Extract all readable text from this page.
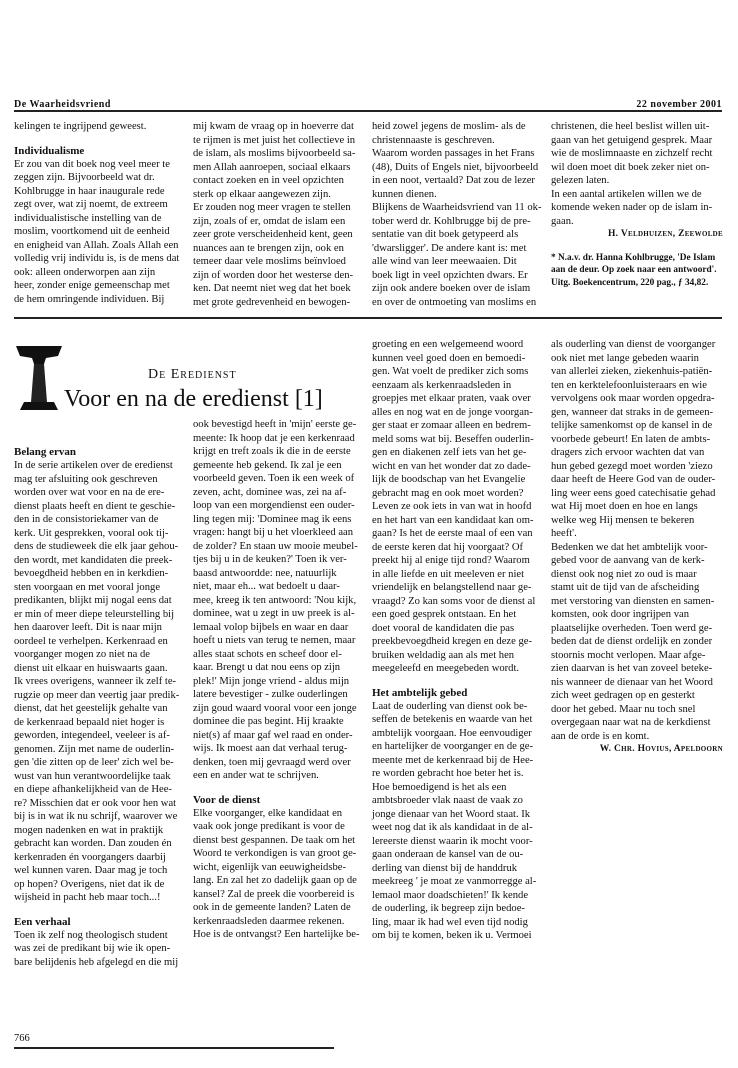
De Waarheidsvriend	22 november 2001

kelingen te ingrijpend geweest.

Individualisme

Er zou van dit boek nog veel meer te

zeggen zijn. Bijvoorbeeld wat dr.

Kohlbrugge in haar inaugurale rede

zegt over, wat zij noemt, de extreem

individualistische instelling van de

moslim, voortkomend uit de eenheid

en enigheid van Allah. Zoals Allah een

volledig vrij individu is, is de mens dat

ook: alleen onderworpen aan zijn

heer, zonder enige gemeenschap met

de hem omringende individuen. Bij

mij kwam de vraag op in hoeverre dat

te rijmen is met juist het collectieve in

de islam, als moslims bijvoorbeeld sa-

men Allah aanroepen, sociaal elkaars

contact zoeken en in veel opzichten

sterk op elkaar aangewezen zijn.

Er zouden nog meer vragen te stellen

zijn, zoals of er, omdat de islam een

zeer grote verscheidenheid kent, geen

nuances aan te brengen zijn, ook en

temeer daar vele moslims beïnvloed

zijn of worden door het westerse den-

ken. Dat neemt niet weg dat het boek

met grote gedrevenheid en bewogen-

heid zowel jegens de moslim- als de

christennaaste is geschreven.

Waarom worden passages in het Frans

(48), Duits of Engels niet, bijvoorbeeld

in een noot, vertaald? Dat zou de lezer

kunnen dienen.

Blijkens de Waarheidsvriend van 11 ok-

tober werd dr. Kohlbrugge bij de pre-

sentatie van dit boek getypeerd als

'dwarsligger'. De andere kant is: met

alle wind van leer meewaaien. Dit

boek ligt in veel opzichten dwars. Er

zijn ook andere boeken over de islam

en over de ontmoeting van moslims en

christenen, die heel beslist willen uit-

gaan van het getuigend gesprek. Maar

wie de moslimnaaste en zichzelf recht

wil doen moet dit boek zeker niet on-

gelezen laten.

In een aantal artikelen willen we de

komende weken nader op de islam in-

gaan.

H. Veldhuizen, Zeewolde

* N.a.v. dr. Hanna Kohlbrugge, 'De Islam

aan de deur. Op zoek naar een antwoord'.

Uitg. Boekencentrum, 220 pag., ƒ 34,82.

De Eredienst
Voor en na de eredienst [1]
Belang ervan

In de serie artikelen over de eredienst

mag ter afsluiting ook geschreven

worden over wat voor en na de ere-

dienst plaats heeft en dient te geschie-

den in de consistoriekamer van de

kerk. Uit gesprekken, vooral ook tij-

dens de studieweek die elk jaar gehou-

den wordt, met kandidaten die preek-

bevoegdheid hebben en in kerkdien-

sten voorgaan en met vooral jonge

predikanten, blijkt mij nogal eens dat

er min of meer diepe teleurstelling bij

hen daarover leeft. Dit is naar mijn

oordeel te verhelpen. Kerkenraad en

voorganger mogen zo niet na de

dienst uit elkaar en huiswaarts gaan.

Ik vrees overigens, wanneer ik zelf te-

rugzie op meer dan veertig jaar predik-

dienst, dat het geestelijk gehalte van

de kerkenraad bepaald niet hoger is

geworden, integendeel, veeleer is af-

genomen. Zijn met name de ouderlin-

gen 'die zitten op de leer' zich wel be-

wust van hun verantwoordelijke taak

en diepe afhankelijkheid van de Hee-

re? Misschien dat er ook voor hen wat

bij is in wat ik nu schrijf, waarover we

mogen nadenken en wat in praktijk

gebracht kan worden. Dan zouden én

kerkenraden én voorgangers daarbij

wel kunnen varen. Daar mag je toch

op hopen? Overigens, niet dat ik de

wijsheid in pacht heb maar toch...!

Een verhaal

Toen ik zelf nog theologisch student

was zei de predikant bij wie ik open-

bare belijdenis heb afgelegd en die mij

ook bevestigd heeft in 'mijn' eerste ge-

meente: Ik hoop dat je een kerkenraad

krijgt en treft zoals ik die in de eerste

gemeente heb gekend. Ik zal je een

voorbeeld geven. Toen ik een week of

zeven, acht, dominee was, zei na af-

loop van een morgendienst een ouder-

ling tegen mij: 'Dominee mag ik eens

vragen: hangt bij u het vloerkleed aan

de zolder? En staan uw mooie meubel-

tjes bij u in de keuken?' Toen ik ver-

baasd antwoordde: nee, natuurlijk

niet, maar eh... wat bedoelt u daar-

mee, kreeg ik ten antwoord: 'Nou kijk,

dominee, wat u zegt in uw preek is al-

lemaal volop bijbels en waar en daar

hoeft u niets van terug te nemen, maar

alles staat schots en scheef door el-

kaar. Brengt u dat nou eens op zijn

plek!' Mijn jonge vriend - aldus mijn

latere bevestiger - zulke ouderlingen

zijn goud waard vooral voor een jonge

dominee die pas begint. Hij kraakte

niet(s) af maar gaf wel raad en onder-

wijs. Ik moest aan dat verhaal terug-

denken, toen mij gevraagd werd over

een en ander wat te schrijven.

Voor de dienst

Elke voorganger, elke kandidaat en

vaak ook jonge predikant is voor de

dienst best gespannen. De taak om het

Woord te verkondigen is van groot ge-

wicht, eigenlijk van eeuwigheidsbe-

lang. En zal het zo dadelijk gaan op de

kansel? Zal de preek die voorbereid is

ook in de gemeente landen? Laten de

kerkenraadsleden daarmee rekenen.

Hoe is de ontvangst? Een hartelijke be-

groeting en een welgemeend woord

kunnen veel goed doen en bemoedi-

gen. Wat voelt de prediker zich soms

eenzaam als kerkenraadsleden in

groepjes met elkaar praten, vaak over

alles en nog wat en de jonge voorgan-

ger staat er zomaar alleen en bedrem-

meld soms wat bij. Beseffen ouderlin-

gen en diakenen zelf iets van het ge-

wicht en van het wonder dat zo dade-

lijk de boodschap van het Evangelie

gebracht mag en ook moet worden?

Leven ze ook iets in van wat in hoofd

en het hart van een kandidaat kan om-

gaan? Is het de eerste maal of een van

de eerste keren dat hij voorgaat? Of

preekt hij al enige tijd rond? Waarom

in alle liefde en uit meeleven er niet

vriendelijk en belangstellend naar ge-

vraagd? Zo kan soms voor de dienst al

een goed gesprek ontstaan. En het

doet vooral de kandidaten die pas

preekbevoegdheid kregen en deze ge-

bruiken weldadig aan als met hen

meegeleefd en meegebeden wordt.

Het ambtelijk gebed

Laat de ouderling van dienst ook be-

seffen de betekenis en waarde van het

ambtelijk voorgaan. Hoe eenvoudiger

en hartelijker de voorganger en de ge-

meente met de kerkenraad bij de Hee-

re worden gebracht hoe beter het is.

Hoe bemoedigend is het als een

ambtsbroeder vlak naast de vaak zo

jonge dienaar van het Woord staat. Ik

weet nog dat ik als kandidaat in de al-

lereerste dienst waarin ik mocht voor-

gaan onderaan de kansel van de ou-

derling van dienst bij de handdruk

meekreeg ' je moat ze vanmorregge al-

lemaol maor doadschieten!' Ik kende

de ouderling, ik begreep zijn bedoe-

ling, maar ik had wel even tijd nodig

om bij te komen, beken ik u. Vermoei

als ouderling van dienst de voorganger

ook niet met lange gebeden waarin

van allerlei zieken, ziekenhuis-patiën-

ten en kerktelefoonluisteraars en wie

vervolgens ook maar worden opgedra-

gen, wanneer dat straks in de gemeen-

telijke samenkomst op de kansel in de

voorbede gebeurt! En laten de ambts-

dragers zich ervoor wachten dat van

hun gebed gezegd moet worden 'ziezo

daar heeft de Heere God van de ouder-

ling weer eens goed catechisatie gehad

wat Hij moet doen en hoe en langs

welke weg Hij mensen te bekeren

heeft'.

Bedenken we dat het ambtelijk voor-

gebed voor de aanvang van de kerk-

dienst ook nog niet zo oud is maar

stamt uit de tijd van de afscheiding

met verstoring van diensten en samen-

komsten, ook door ingrijpen van

plaatselijke overheden. Toen werd ge-

beden dat de dienst ordelijk en zonder

stoornis mocht verlopen. Maar afge-

zien daarvan is het van zoveel beteke-

nis wanneer de dienaar van het Woord

zich weet gedragen op en gesterkt

door het gebed. Maar nu toch snel

overgegaan naar wat na de kerkdienst

aan de orde is en komt.

W. Chr. Hovius, Apeldoorn

766
